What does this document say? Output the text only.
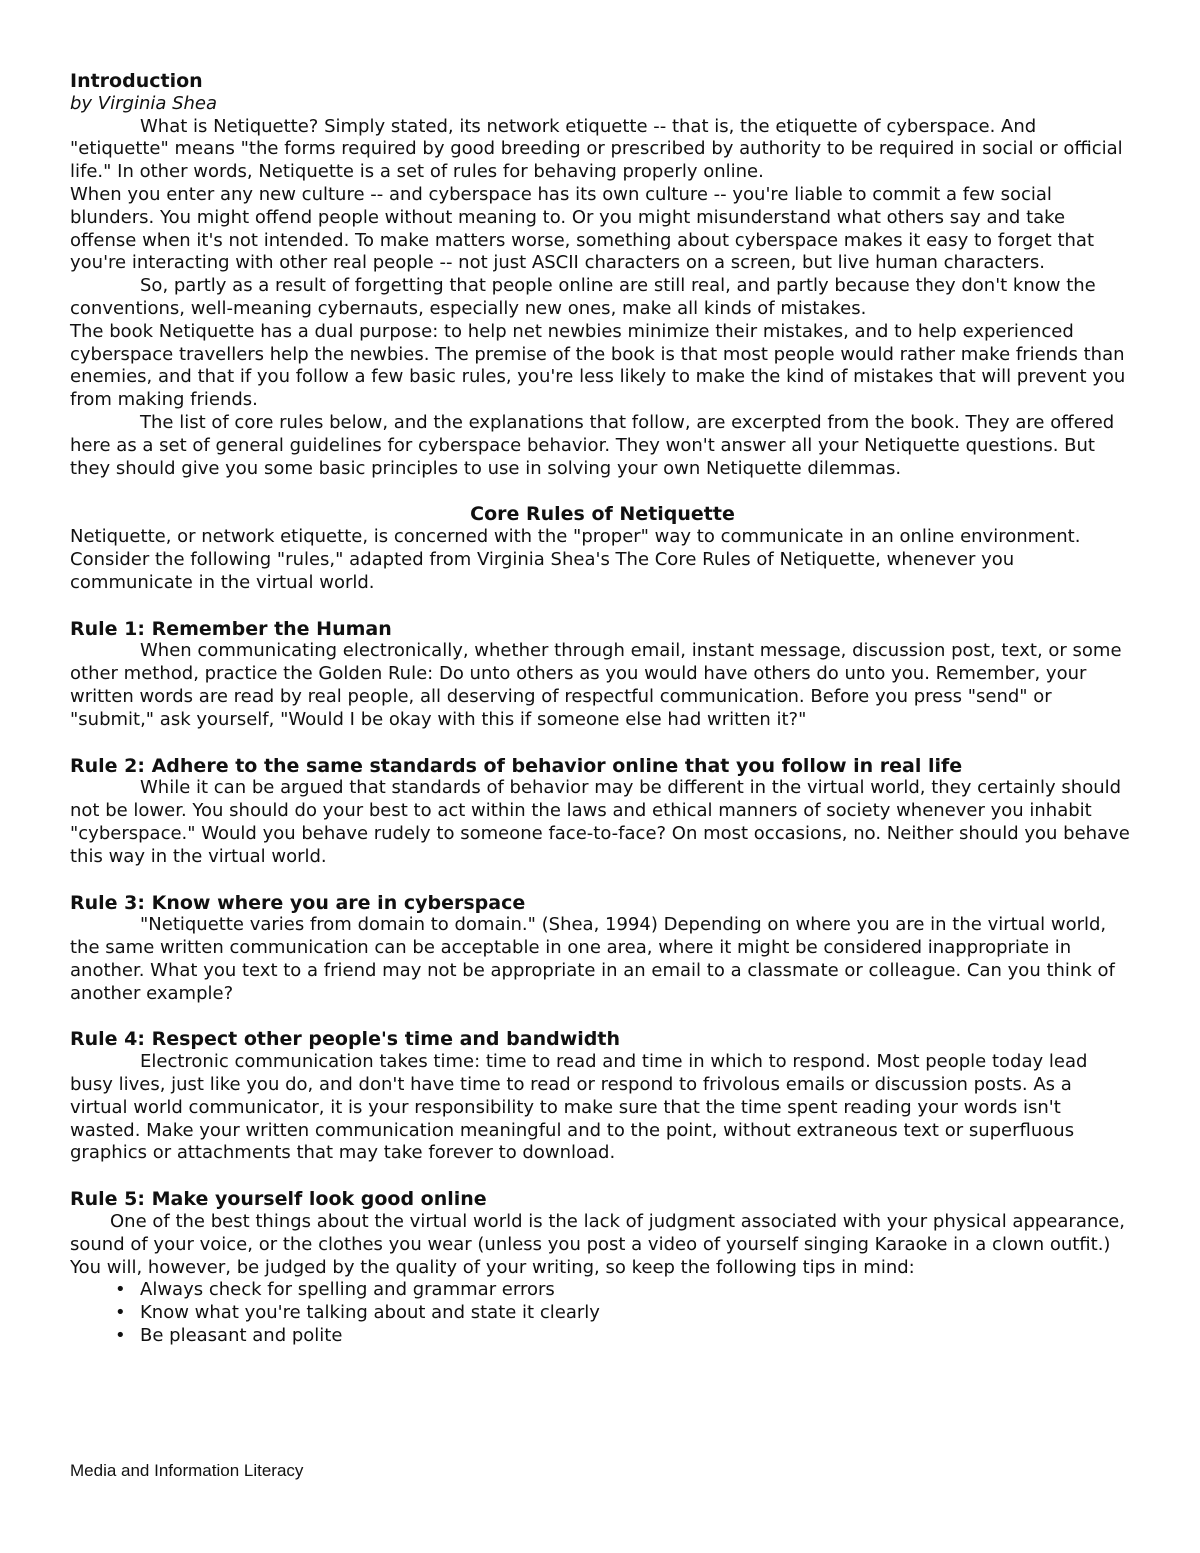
Introduction

by Virginia Shea

What is Netiquette? Simply stated, its network etiquette -- that is, the etiquette of cyberspace. And "etiquette" means "the forms required by good breeding or prescribed by authority to be required in social or official life." In other words, Netiquette is a set of rules for behaving properly online.

When you enter any new culture -- and cyberspace has its own culture -- you're liable to commit a few social blunders. You might offend people without meaning to. Or you might misunderstand what others say and take offense when it's not intended. To make matters worse, something about cyberspace makes it easy to forget that you're interacting with other real people -- not just ASCII characters on a screen, but live human characters.

So, partly as a result of forgetting that people online are still real, and partly because they don't know the conventions, well-meaning cybernauts, especially new ones, make all kinds of mistakes.

The book Netiquette has a dual purpose: to help net newbies minimize their mistakes, and to help experienced cyberspace travellers help the newbies. The premise of the book is that most people would rather make friends than enemies, and that if you follow a few basic rules, you're less likely to make the kind of mistakes that will prevent you from making friends.

The list of core rules below, and the explanations that follow, are excerpted from the book. They are offered here as a set of general guidelines for cyberspace behavior. They won't answer all your Netiquette questions. But they should give you some basic principles to use in solving your own Netiquette dilemmas.

Core Rules of Netiquette

Netiquette, or network etiquette, is concerned with the "proper" way to communicate in an online environment. Consider the following "rules," adapted from Virginia Shea's The Core Rules of Netiquette, whenever you communicate in the virtual world.

Rule 1: Remember the Human

When communicating electronically, whether through email, instant message, discussion post, text, or some other method, practice the Golden Rule: Do unto others as you would have others do unto you. Remember, your written words are read by real people, all deserving of respectful communication. Before you press "send" or "submit," ask yourself, "Would I be okay with this if someone else had written it?"

Rule 2: Adhere to the same standards of behavior online that you follow in real life

While it can be argued that standards of behavior may be different in the virtual world, they certainly should not be lower. You should do your best to act within the laws and ethical manners of society whenever you inhabit "cyberspace." Would you behave rudely to someone face-to-face? On most occasions, no. Neither should you behave this way in the virtual world.

Rule 3: Know where you are in cyberspace

"Netiquette varies from domain to domain." (Shea, 1994) Depending on where you are in the virtual world, the same written communication can be acceptable in one area, where it might be considered inappropriate in another. What you text to a friend may not be appropriate in an email to a classmate or colleague. Can you think of another example?

Rule 4: Respect other people's time and bandwidth

Electronic communication takes time: time to read and time in which to respond. Most people today lead busy lives, just like you do, and don't have time to read or respond to frivolous emails or discussion posts. As a virtual world communicator, it is your responsibility to make sure that the time spent reading your words isn't wasted. Make your written communication meaningful and to the point, without extraneous text or superfluous graphics or attachments that may take forever to download.

Rule 5: Make yourself look good online

One of the best things about the virtual world is the lack of judgment associated with your physical appearance, sound of your voice, or the clothes you wear (unless you post a video of yourself singing Karaoke in a clown outfit.) You will, however, be judged by the quality of your writing, so keep the following tips in mind:

• Always check for spelling and grammar errors
• Know what you're talking about and state it clearly
• Be pleasant and polite
Media and Information Literacy
